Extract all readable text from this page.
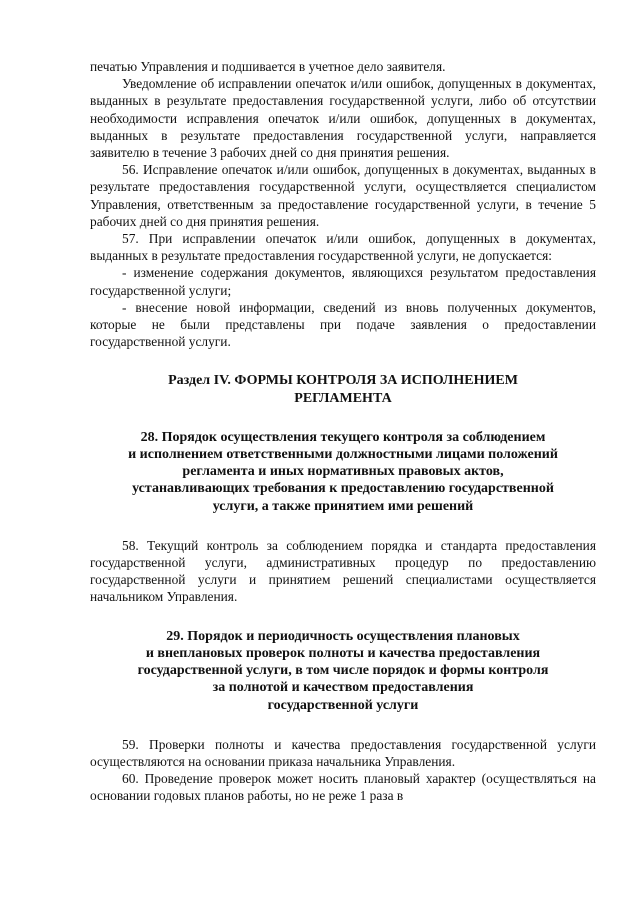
печатью Управления и подшивается в учетное дело заявителя.

Уведомление об исправлении опечаток и/или ошибок, допущенных в документах, выданных в результате предоставления государственной услуги, либо об отсутствии необходимости исправления опечаток и/или ошибок, допущенных в документах, выданных в результате предоставления государственной услуги, направляется заявителю в течение 3 рабочих дней со дня принятия решения.

56. Исправление опечаток и/или ошибок, допущенных в документах, выданных в результате предоставления государственной услуги, осуществляется специалистом Управления, ответственным за предоставление государственной услуги, в течение 5 рабочих дней со дня принятия решения.

57. При исправлении опечаток и/или ошибок, допущенных в документах, выданных в результате предоставления государственной услуги, не допускается:

- изменение содержания документов, являющихся результатом предоставления государственной услуги;

- внесение новой информации, сведений из вновь полученных документов, которые не были представлены при подаче заявления о предоставлении государственной услуги.

Раздел IV. ФОРМЫ КОНТРОЛЯ ЗА ИСПОЛНЕНИЕМ

РЕГЛАМЕНТА

28. Порядок осуществления текущего контроля за соблюдением

и исполнением ответственными должностными лицами положений

регламента и иных нормативных правовых актов,

устанавливающих требования к предоставлению государственной

услуги, а также принятием ими решений

58. Текущий контроль за соблюдением порядка и стандарта предоставления государственной услуги, административных процедур по предоставлению государственной услуги и принятием решений специалистами осуществляется начальником Управления.

29. Порядок и периодичность осуществления плановых

и внеплановых проверок полноты и качества предоставления

государственной услуги, в том числе порядок и формы контроля

за полнотой и качеством предоставления

государственной услуги

59. Проверки полноты и качества предоставления государственной услуги осуществляются на основании приказа начальника Управления.

60. Проведение проверок может носить плановый характер (осуществляться на основании годовых планов работы, но не реже 1 раза в
